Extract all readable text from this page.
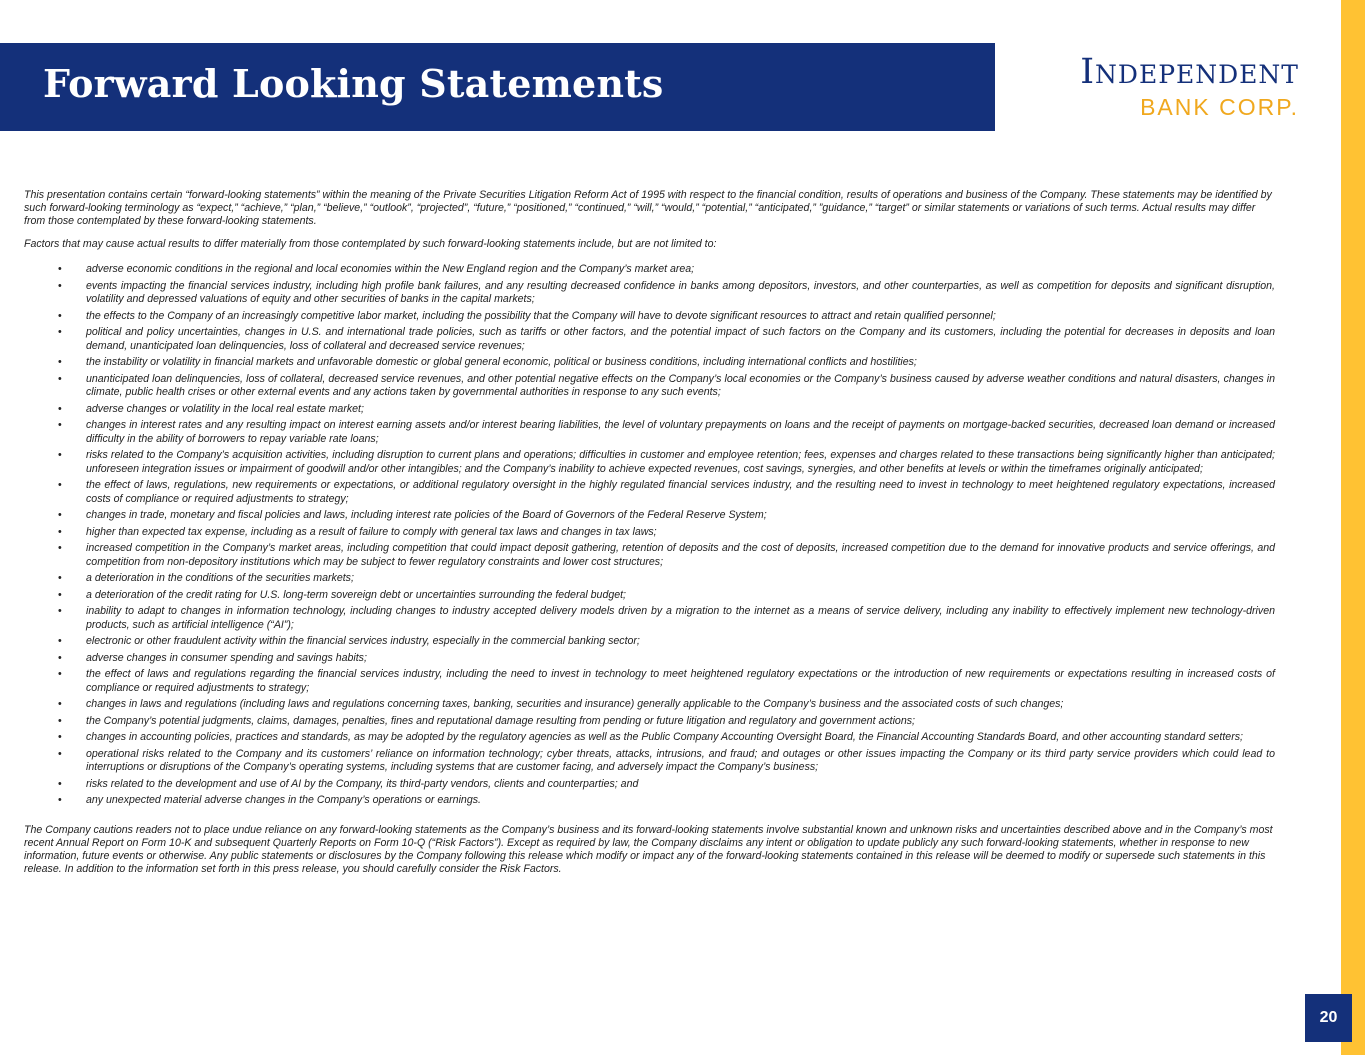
Forward Looking Statements	Independent
BANK CORP.

This presentation contains certain “forward-looking statements” within the meaning of the Private Securities Litigation Reform Act of 1995 with respect to the financial condition, results of operations and business of the Company. These statements may be identified by such forward-looking terminology as “expect,” “achieve,” “plan,” “believe,” “outlook”, “projected”, “future,” “positioned,” “continued,” “will,” “would,” “potential,” “anticipated,” ”guidance,” “target” or similar statements or variations of such terms. Actual results may differ from those contemplated by these forward-looking statements.

Factors that may cause actual results to differ materially from those contemplated by such forward-looking statements include, but are not limited to:

• adverse economic conditions in the regional and local economies within the New England region and the Company’s market area;
• events impacting the financial services industry, including high profile bank failures, and any resulting decreased confidence in banks among depositors, investors, and other counterparties, as well as competition for deposits and significant disruption, volatility and depressed valuations of equity and other securities of banks in the capital markets;
• the effects to the Company of an increasingly competitive labor market, including the possibility that the Company will have to devote significant resources to attract and retain qualified personnel;
• political and policy uncertainties, changes in U.S. and international trade policies, such as tariffs or other factors, and the potential impact of such factors on the Company and its customers, including the potential for decreases in deposits and loan demand, unanticipated loan delinquencies, loss of collateral and decreased service revenues;
• the instability or volatility in financial markets and unfavorable domestic or global general economic, political or business conditions, including international conflicts and hostilities;
• unanticipated loan delinquencies, loss of collateral, decreased service revenues, and other potential negative effects on the Company’s local economies or the Company’s business caused by adverse weather conditions and natural disasters, changes in climate, public health crises or other external events and any actions taken by governmental authorities in response to any such events;
• adverse changes or volatility in the local real estate market;
• changes in interest rates and any resulting impact on interest earning assets and/or interest bearing liabilities, the level of voluntary prepayments on loans and the receipt of payments on mortgage-backed securities, decreased loan demand or increased difficulty in the ability of borrowers to repay variable rate loans;
• risks related to the Company’s acquisition activities, including disruption to current plans and operations; difficulties in customer and employee retention; fees, expenses and charges related to these transactions being significantly higher than anticipated; unforeseen integration issues or impairment of goodwill and/or other intangibles; and the Company’s inability to achieve expected revenues, cost savings, synergies, and other benefits at levels or within the timeframes originally anticipated;
• the effect of laws, regulations, new requirements or expectations, or additional regulatory oversight in the highly regulated financial services industry, and the resulting need to invest in technology to meet heightened regulatory expectations, increased costs of compliance or required adjustments to strategy;
• changes in trade, monetary and fiscal policies and laws, including interest rate policies of the Board of Governors of the Federal Reserve System;
• higher than expected tax expense, including as a result of failure to comply with general tax laws and changes in tax laws;
• increased competition in the Company’s market areas, including competition that could impact deposit gathering, retention of deposits and the cost of deposits, increased competition due to the demand for innovative products and service offerings, and competition from non-depository institutions which may be subject to fewer regulatory constraints and lower cost structures;
• a deterioration in the conditions of the securities markets;
• a deterioration of the credit rating for U.S. long-term sovereign debt or uncertainties surrounding the federal budget;
• inability to adapt to changes in information technology, including changes to industry accepted delivery models driven by a migration to the internet as a means of service delivery, including any inability to effectively implement new technology-driven products, such as artificial intelligence (“AI”);
• electronic or other fraudulent activity within the financial services industry, especially in the commercial banking sector;
• adverse changes in consumer spending and savings habits;
• the effect of laws and regulations regarding the financial services industry, including the need to invest in technology to meet heightened regulatory expectations or the introduction of new requirements or expectations resulting in increased costs of compliance or required adjustments to strategy;
• changes in laws and regulations (including laws and regulations concerning taxes, banking, securities and insurance) generally applicable to the Company’s business and the associated costs of such changes;
• the Company’s potential judgments, claims, damages, penalties, fines and reputational damage resulting from pending or future litigation and regulatory and government actions;
• changes in accounting policies, practices and standards, as may be adopted by the regulatory agencies as well as the Public Company Accounting Oversight Board, the Financial Accounting Standards Board, and other accounting standard setters;
• operational risks related to the Company and its customers’ reliance on information technology; cyber threats, attacks, intrusions, and fraud; and outages or other issues impacting the Company or its third party service providers which could lead to interruptions or disruptions of the Company’s operating systems, including systems that are customer facing, and adversely impact the Company’s business;
• risks related to the development and use of AI by the Company, its third-party vendors, clients and counterparties; and
• any unexpected material adverse changes in the Company’s operations or earnings.

The Company cautions readers not to place undue reliance on any forward-looking statements as the Company’s business and its forward-looking statements involve substantial known and unknown risks and uncertainties described above and in the Company’s most recent Annual Report on Form 10-K and subsequent Quarterly Reports on Form 10-Q (“Risk Factors”). Except as required by law, the Company disclaims any intent or obligation to update publicly any such forward-looking statements, whether in response to new information, future events or otherwise. Any public statements or disclosures by the Company following this release which modify or impact any of the forward-looking statements contained in this release will be deemed to modify or supersede such statements in this release. In addition to the information set forth in this press release, you should carefully consider the Risk Factors.

20
